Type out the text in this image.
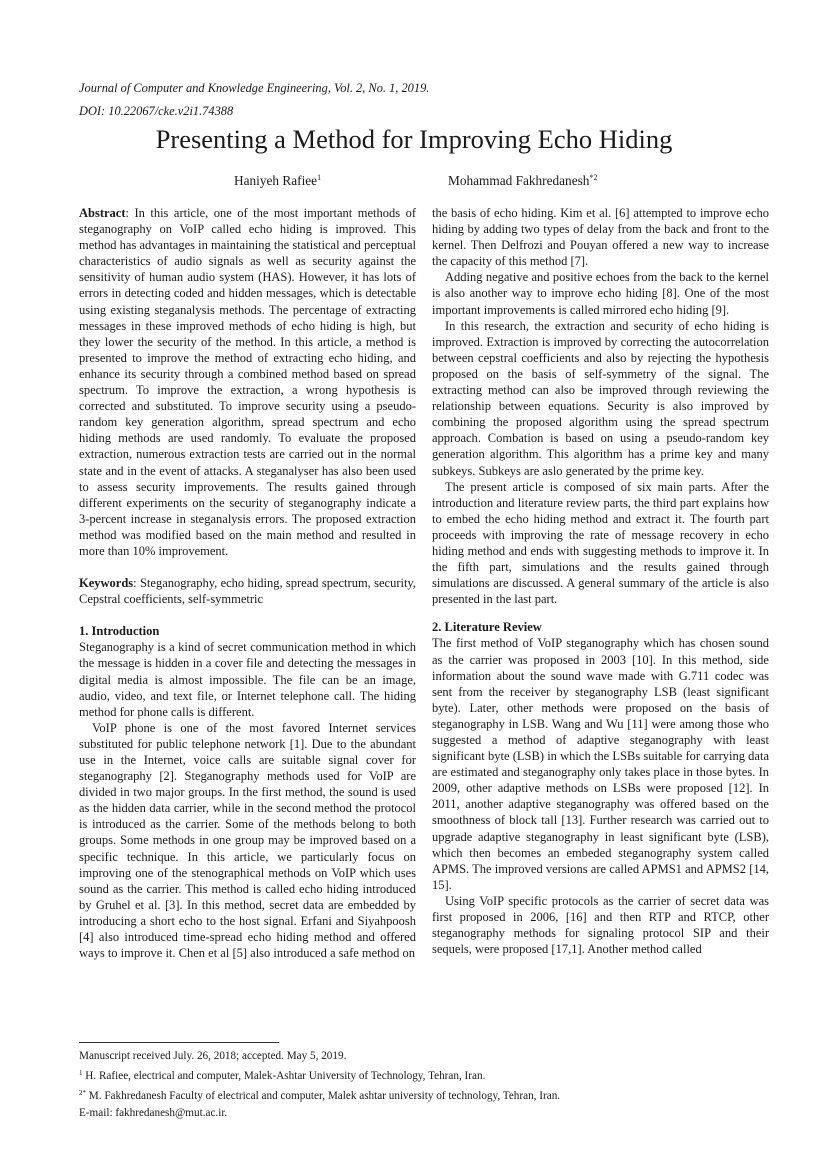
Journal of Computer and Knowledge Engineering, Vol. 2, No. 1, 2019.
DOI: 10.22067/cke.v2i1.74388
Presenting a Method for Improving Echo Hiding
Haniyeh Rafiee$^1$	Mohammad Fakhredanesh$^{*2}$

Abstract: In this article, one of the most important methods of steganography on VoIP called echo hiding is improved. This method has advantages in maintaining the statistical and perceptual characteristics of audio signals as well as security against the sensitivity of human audio system (HAS). However, it has lots of errors in detecting coded and hidden messages, which is detectable using existing steganalysis methods. The percentage of extracting messages in these improved methods of echo hiding is high, but they lower the security of the method. In this article, a method is presented to improve the method of extracting echo hiding, and enhance its security through a combined method based on spread spectrum. To improve the extraction, a wrong hypothesis is corrected and substituted. To improve security using a pseudo-random key generation algorithm, spread spectrum and echo hiding methods are used randomly. To evaluate the proposed extraction, numerous extraction tests are carried out in the normal state and in the event of attacks. A steganalyser has also been used to assess security improvements. The results gained through different experiments on the security of steganography indicate a 3-percent increase in steganalysis errors. The proposed extraction method was modified based on the main method and resulted in more than 10% improvement.

Keywords: Steganography, echo hiding, spread spectrum, security, Cepstral coefficients, self-symmetric

1. Introduction

Steganography is a kind of secret communication method in which the message is hidden in a cover file and detecting the messages in digital media is almost impossible. The file can be an image, audio, video, and text file, or Internet telephone call. The hiding method for phone calls is different.

VoIP phone is one of the most favored Internet services substituted for public telephone network [1]. Due to the abundant use in the Internet, voice calls are suitable signal cover for steganography [2]. Steganography methods used for VoIP are divided in two major groups. In the first method, the sound is used as the hidden data carrier, while in the second method the protocol is introduced as the carrier. Some of the methods belong to both groups. Some methods in one group may be improved based on a specific technique. In this article, we particularly focus on improving one of the stenographical methods on VoIP which uses sound as the carrier. This method is called echo hiding introduced by Gruhel et al. [3]. In this method, secret data are embedded by introducing a short echo to the host signal. Erfani and Siyahpoosh [4] also introduced time-spread echo hiding method and offered ways to improve it. Chen et al [5] also introduced a safe method on

the basis of echo hiding. Kim et al. [6] attempted to improve echo hiding by adding two types of delay from the back and front to the kernel. Then Delfrozi and Pouyan offered a new way to increase the capacity of this method [7].

Adding negative and positive echoes from the back to the kernel is also another way to improve echo hiding [8]. One of the most important improvements is called mirrored echo hiding [9].

In this research, the extraction and security of echo hiding is improved. Extraction is improved by correcting the autocorrelation between cepstral coefficients and also by rejecting the hypothesis proposed on the basis of self-symmetry of the signal. The extracting method can also be improved through reviewing the relationship between equations. Security is also improved by combining the proposed algorithm using the spread spectrum approach. Combation is based on using a pseudo-random key generation algorithm. This algorithm has a prime key and many subkeys. Subkeys are aslo generated by the prime key.

The present article is composed of six main parts. After the introduction and literature review parts, the third part explains how to embed the echo hiding method and extract it. The fourth part proceeds with improving the rate of message recovery in echo hiding method and ends with suggesting methods to improve it. In the fifth part, simulations and the results gained through simulations are discussed. A general summary of the article is also presented in the last part.

2. Literature Review

The first method of VoIP steganography which has chosen sound as the carrier was proposed in 2003 [10]. In this method, side information about the sound wave made with G.711 codec was sent from the receiver by steganography LSB (least significant byte). Later, other methods were proposed on the basis of steganography in LSB. Wang and Wu [11] were among those who suggested a method of adaptive steganography with least significant byte (LSB) in which the LSBs suitable for carrying data are estimated and steganography only takes place in those bytes. In 2009, other adaptive methods on LSBs were proposed [12]. In 2011, another adaptive steganography was offered based on the smoothness of block tall [13]. Further research was carried out to upgrade adaptive steganography in least significant byte (LSB), which then becomes an embeded steganography system called APMS. The improved versions are called APMS1 and APMS2 [14, 15].

Using VoIP specific protocols as the carrier of secret data was first proposed in 2006, [16] and then RTP and RTCP, other steganography methods for signaling protocol SIP and their sequels, were proposed [17,1]. Another method called

Manuscript received July. 26, 2018; accepted. May 5, 2019.
$^1$ H. Rafiee, electrical and computer, Malek-Ashtar University of Technology, Tehran, Iran.
$^{2*}$ M. Fakhredanesh Faculty of electrical and computer, Malek ashtar university of technology, Tehran, Iran.
E-mail: fakhredanesh@mut.ac.ir.
